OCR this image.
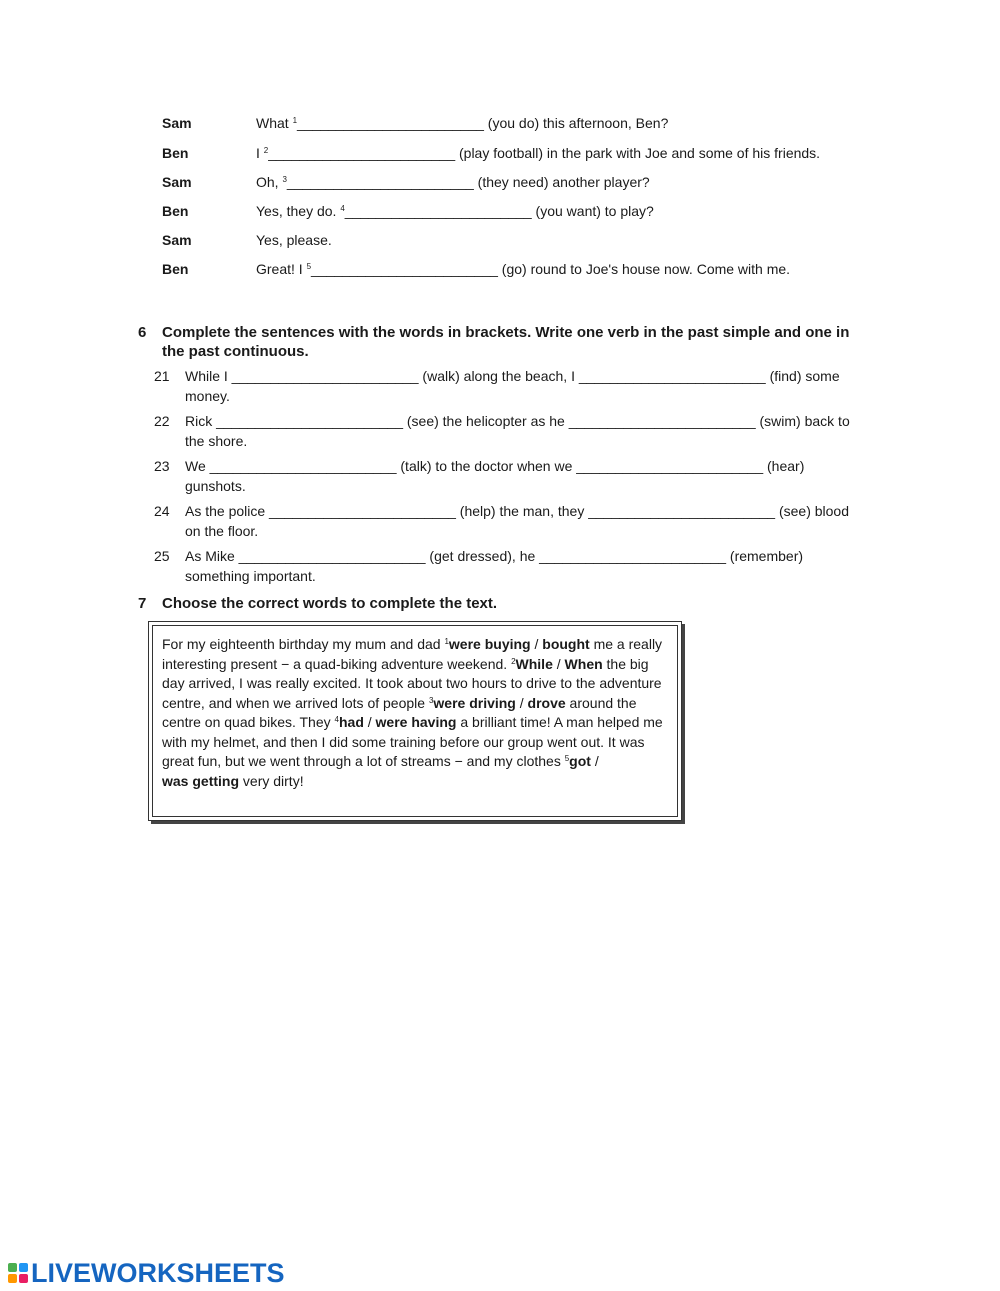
Sam	What $^1$________________________ (you do) this afternoon, Ben?
Ben	I $^2$________________________ (play football) in the park with Joe and some of his friends.
Sam	Oh, $^3$________________________ (they need) another player?
Ben	Yes, they do. $^4$________________________ (you want) to play?
Sam	Yes, please.
Ben	Great! I $^5$________________________ (go) round to Joe's house now. Come with me.
6 Complete the sentences with the words in brackets. Write one verb in the past simple and one in the past continuous.
21 While I ________________________ (walk) along the beach, I ________________________ (find) some money.
22 Rick ________________________ (see) the helicopter as he ________________________ (swim) back to the shore.
23 We ________________________ (talk) to the doctor when we ________________________ (hear) gunshots.
24 As the police ________________________ (help) the man, they ________________________ (see) blood on the floor.
25 As Mike ________________________ (get dressed), he ________________________ (remember) something important.
7 Choose the correct words to complete the text.
For my eighteenth birthday my mum and dad $^1$were buying / bought me a really interesting present − a quad-biking adventure weekend. $^2$While / When the big day arrived, I was really excited. It took about two hours to drive to the adventure centre, and when we arrived lots of people $^3$were driving / drove around the centre on quad bikes. They $^4$had / were having a brilliant time! A man helped me with my helmet, and then I did some training before our group went out. It was great fun, but we went through a lot of streams − and my clothes $^5$got /
was getting very dirty!
LIVEWORKSHEETS
